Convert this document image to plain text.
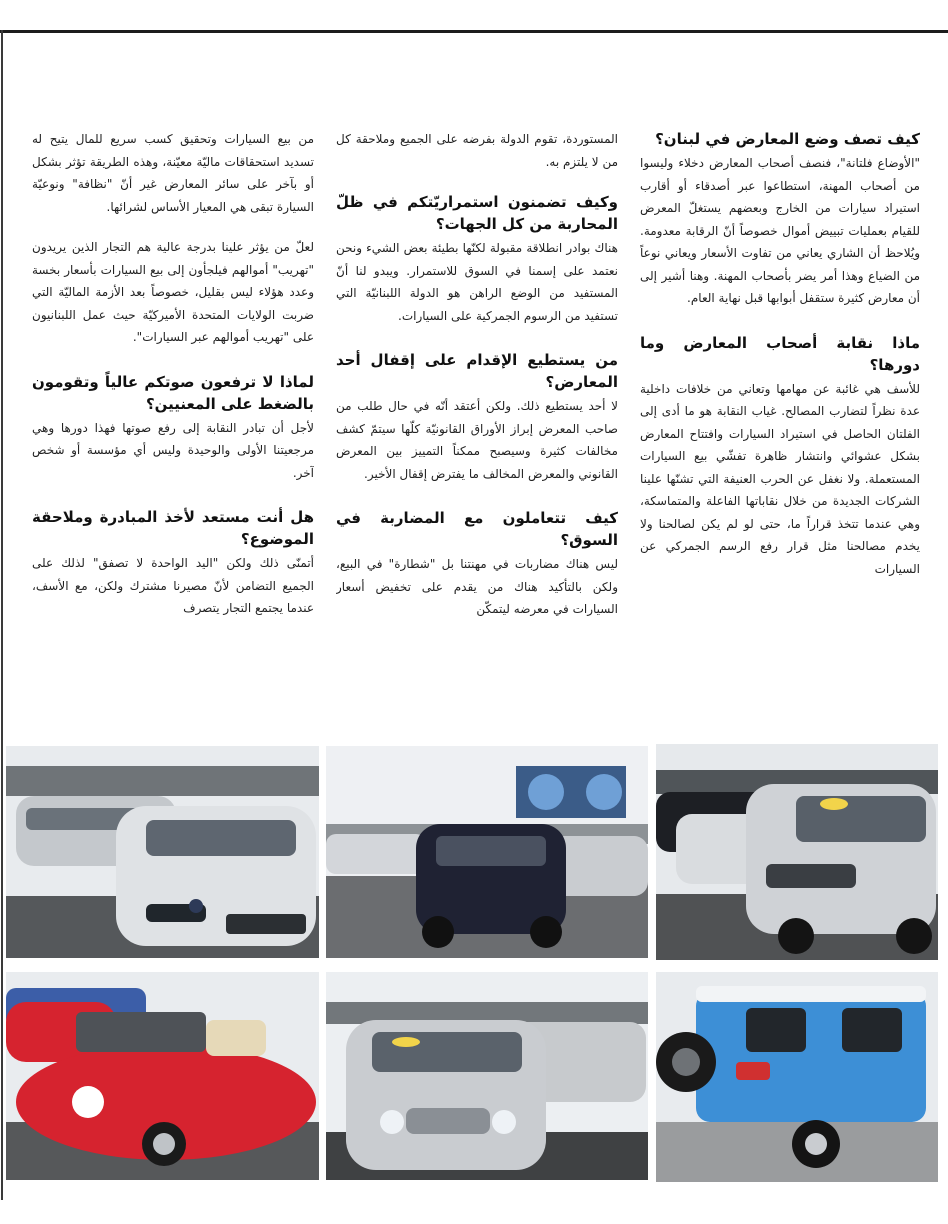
كيف تصف وضع المعارض في لبنان؟

"الأوضاع فلتانة"، فنصف أصحاب المعارض دخلاء وليسوا من أصحاب المهنة، استطاعوا عبر أصدقاء أو أقارب استيراد سيارات من الخارج وبعضهم يستغلّ المعرض للقيام بعمليات تبييض أموال خصوصاً أنّ الرقابة معدومة. ويُلاحظ أن الشاري يعاني من تفاوت الأسعار ويعاني نوعاً من الضياع وهذا أمر يضر بأصحاب المهنة. وهنا أشير إلى أن معارض كثيرة ستقفل أبوابها قبل نهاية العام.

ماذا نقابة أصحاب المعارض وما دورها؟

للأسف هي غائبة عن مهامها وتعاني من خلافات داخلية عدة نظراً لتضارب المصالح. غياب النقابة هو ما أدى إلى الفلتان الحاصل في استيراد السيارات وافتتاح المعارض بشكل عشوائي وانتشار ظاهرة تفشّي بيع السيارات المستعملة. ولا نغفل عن الحرب العنيفة التي تشنّها علينا الشركات الجديدة من خلال نقاباتها الفاعلة والمتماسكة، وهي عندما تتخذ قراراً ما، حتى لو لم يكن لصالحنا ولا يخدم مصالحنا مثل قرار رفع الرسم الجمركي عن السيارات

المستوردة، تقوم الدولة بفرضه على الجميع وملاحقة كل من لا يلتزم به.

وكيف تضمنون استمراريّتكم في ظلّ المحاربة من كل الجهات؟

هناك بوادر انطلاقة مقبولة لكنّها بطيئة بعض الشيء ونحن نعتمد على إسمنا في السوق للاستمرار. ويبدو لنا أنّ المستفيد من الوضع الراهن هو الدولة اللبنانيّة التي تستفيد من الرسوم الجمركية على السيارات.

من يستطيع الإقدام على إقفال أحد المعارض؟

لا أحد يستطيع ذلك. ولكن أعتقد أنّه في حال طلب من صاحب المعرض إبراز الأوراق القانونيّة كلّها سيتمّ كشف مخالفات كثيرة وسيصبح ممكناً التمييز بين المعرض القانوني والمعرض المخالف ما يفترض إقفال الأخير.

كيف تتعاملون مع المضاربة في السوق؟

ليس هناك مضاربات في مهنتنا بل "شطارة" في البيع، ولكن بالتأكيد هناك من يقدم على تخفيض أسعار السيارات في معرضه ليتمكّن

من بيع السيارات وتحقيق كسب سريع للمال يتيح له تسديد استحقاقات ماليّة معيّنة، وهذه الطريقة تؤثر بشكل أو بآخر على سائر المعارض غير أنّ "نظافة" ونوعيّة السيارة تبقى هي المعيار الأساس لشرائها.

لعلّ من يؤثر علينا بدرجة عالية هم التجار الذين يريدون "تهريب" أموالهم فيلجأون إلى بيع السيارات بأسعار بخسة وعدد هؤلاء ليس بقليل، خصوصاً بعد الأزمة الماليّة التي ضربت الولايات المتحدة الأميركيّة حيث عمل اللبنانيون على "تهريب أموالهم عبر السيارات".

لماذا لا ترفعون صوتكم عالياً وتقومون بالضغط على المعنيين؟

لأجل أن تبادر النقابة إلى رفع صوتها فهذا دورها وهي مرجعيتنا الأولى والوحيدة وليس أي مؤسسة أو شخص آخر.

هل أنت مستعد لأخذ المبادرة وملاحقة الموضوع؟

أتمنّى ذلك ولكن "اليد الواحدة لا تصفق" لذلك على الجميع التضامن لأنّ مصيرنا مشترك ولكن، مع الأسف، عندما يجتمع التجار يتصرف
